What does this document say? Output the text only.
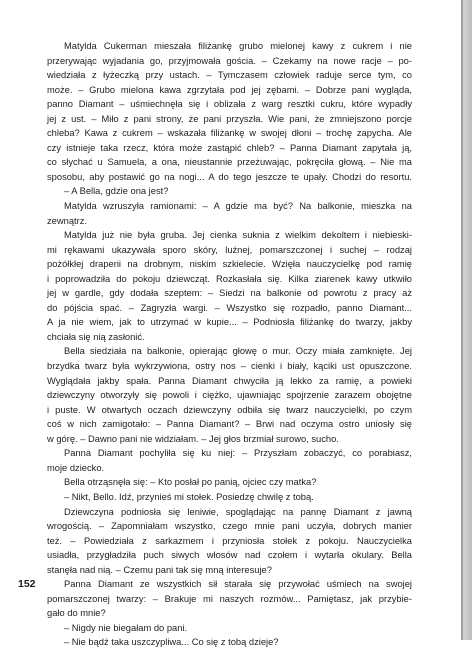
Matylda Cukerman mieszała filiżankę grubo mielonej kawy z cukrem i nie
przerywając wyjadania go, przyjmowała gościa. – Czekamy na nowe racje – po-
wiedziała z łyżeczką przy ustach. – Tymczasem człowiek raduje serce tym, co
może. – Grubo mielona kawa zgrzytała pod jej zębami. – Dobrze pani wygląda,
panno Diamant – uśmiechnęła się i oblizała z warg resztki cukru, które wypadły
jej z ust. – Miło z pani strony, że pani przyszła. Wie pani, że zmniejszono porcje
chleba? Kawa z cukrem – wskazała filiżankę w swojej dłoni – trochę zapycha. Ale
czy istnieje taka rzecz, która może zastąpić chleb? – Panna Diamant zapytała ją,
co słychać u Samuela, a ona, nieustannie przeżuwając, pokręciła głową. – Nie ma
sposobu, aby postawić go na nogi... A do tego jeszcze te upały. Chodzi do resortu.
– A Bella, gdzie ona jest?
Matylda wzruszyła ramionami: – A gdzie ma być? Na balkonie, mieszka na
zewnątrz.
Matylda już nie była gruba. Jej cienka suknia z wielkim dekoltem i niebieski-
mi rękawami ukazywała sporo skóry, luźnej, pomarszczonej i suchej – rodzaj
pożółkłej draperii na drobnym, niskim szkielecie. Wzięła nauczycielkę pod ramię
i poprowadziła do pokoju dziewcząt. Rozkasłała się. Kilka ziarenek kawy utkwiło
jej w gardle, gdy dodała szeptem: – Siedzi na balkonie od powrotu z pracy aż
do pójścia spać. – Zagryzła wargi. – Wszystko się rozpadło, panno Diamant...
A ja nie wiem, jak to utrzymać w kupie... – Podniosła filiżankę do twarzy, jakby
chciała się nią zasłonić.
Bella siedziała na balkonie, opierając głowę o mur. Oczy miała zamknięte. Jej
brzydka twarz była wykrzywiona, ostry nos – cienki i biały, kąciki ust opuszczone.
Wyglądała jakby spała. Panna Diamant chwyciła ją lekko za ramię, a powieki
dziewczyny otworzyły się powoli i ciężko, ujawniając spojrzenie zarazem obojętne
i puste. W otwartych oczach dziewczyny odbiła się twarz nauczycielki, po czym
coś w nich zamigotało: – Panna Diamant? – Brwi nad oczyma ostro uniosły się
w górę. – Dawno pani nie widziałam. – Jej głos brzmiał surowo, sucho.
Panna Diamant pochyliła się ku niej: – Przyszłam zobaczyć, co porabiasz,
moje dziecko.
Bella otrząsnęła się: – Kto posłał po panią, ojciec czy matka?
– Nikt, Bello. Idź, przynieś mi stołek. Posiedzę chwilę z tobą.
Dziewczyna podniosła się leniwie, spoglądając na pannę Diamant z jawną
wrogością. – Zapomniałam wszystko, czego mnie pani uczyła, dobrych manier
też. – Powiedziała z sarkazmem i przyniosła stołek z pokoju. Nauczycielka
usiadła, przygładziła puch siwych włosów nad czołem i wytarła okulary. Bella
stanęła nad nią. – Czemu pani tak się mną interesuje?
Panna Diamant ze wszystkich sił starała się przywołać uśmiech na swojej
pomarszczonej twarzy: – Brakuje mi naszych rozmów... Pamiętasz, jak przybie-
gało do mnie?
– Nigdy nie biegałam do pani.
– Nie bądź taka uszczypliwa... Co się z tobą dzieje?
152
